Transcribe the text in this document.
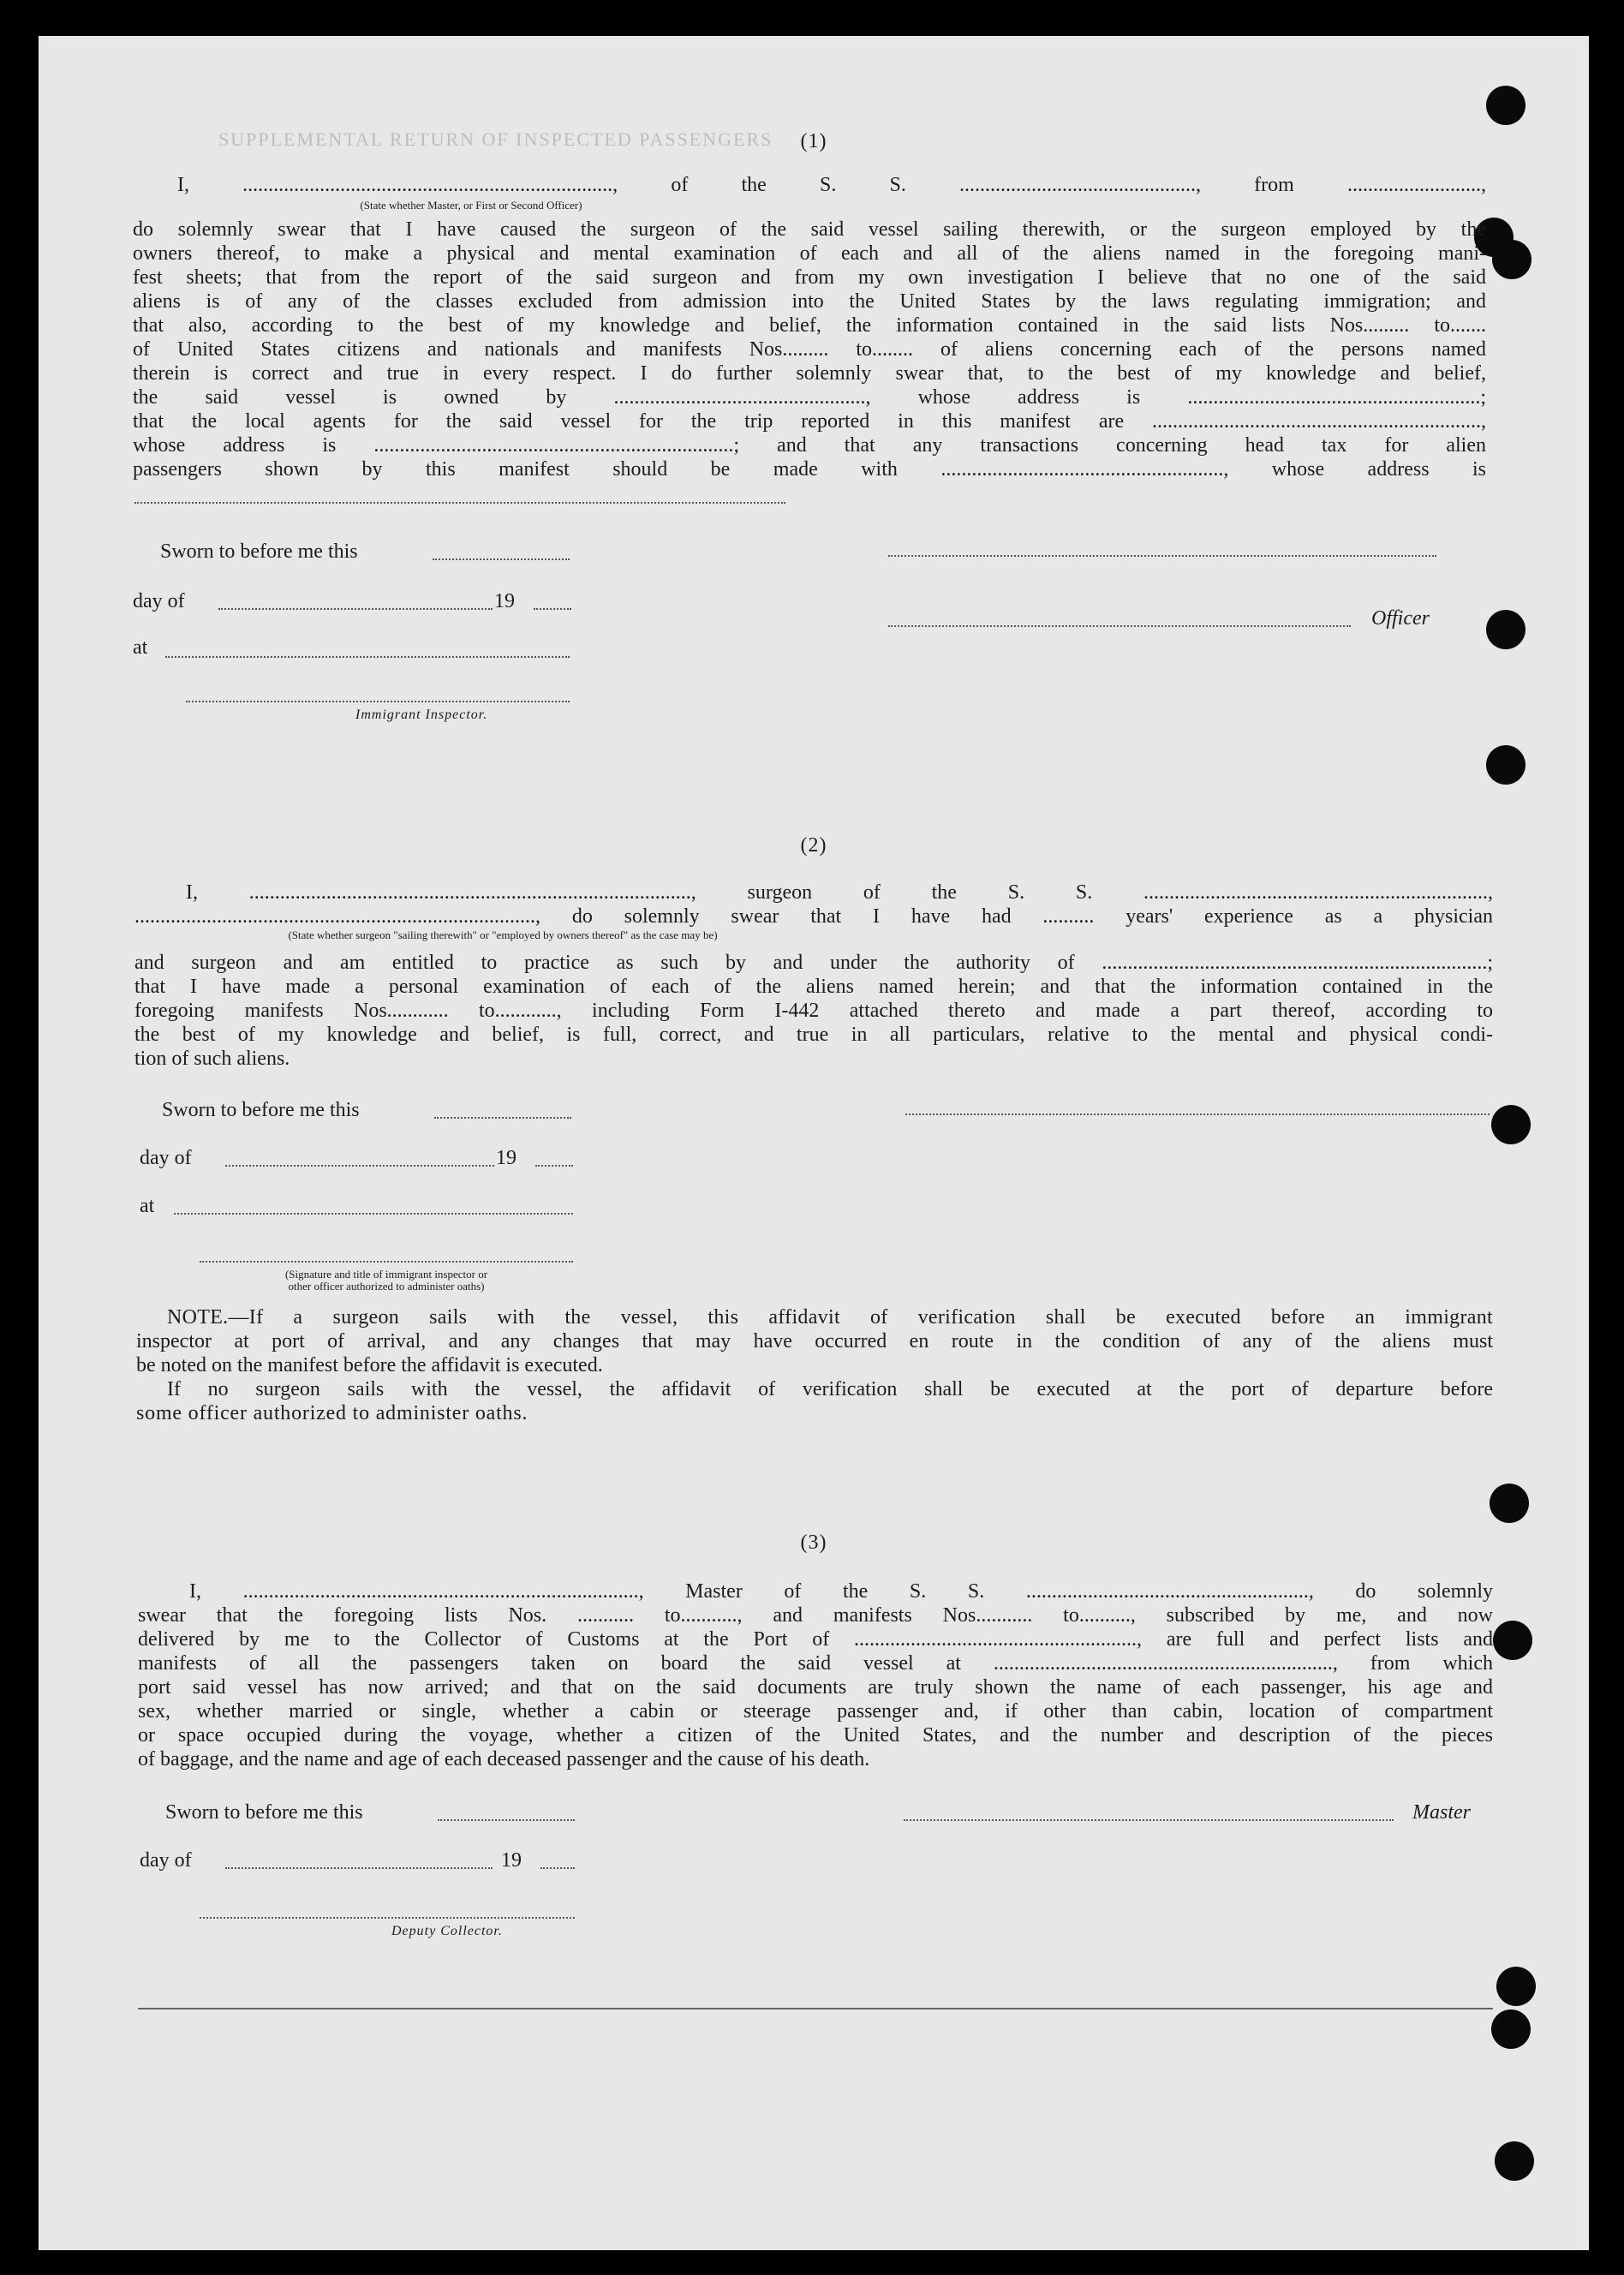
SUPPLEMENTAL RETURN OF INSPECTED PASSENGERS	(1)
I, ........................................................................, of the S. S. .............................................., from ..........................,
(State whether Master, or First or Second Officer)
do solemnly swear that I have caused the surgeon of the said vessel sailing therewith, or the surgeon employed by the
owners thereof, to make a physical and mental examination of each and all of the aliens named in the foregoing mani-
fest sheets; that from the report of the said surgeon and from my own investigation I believe that no one of the said
aliens is of any of the classes excluded from admission into the United States by the laws regulating immigration; and
that also, according to the best of my knowledge and belief, the information contained in the said lists Nos......... to.......
of United States citizens and nationals and manifests Nos......... to........ of aliens concerning each of the persons named
therein is correct and true in every respect. I do further solemnly swear that, to the best of my knowledge and belief,
the said vessel is owned by ................................................., whose address is .........................................................;
that the local agents for the said vessel for the trip reported in this manifest are ................................................................,
whose address is ......................................................................; and that any transactions concerning head tax for alien
passengers shown by this manifest should be made with ......................................................., whose address is
Sworn to before me this
day of	19
Officer
at
Immigrant Inspector.
(2)
I, ......................................................................................, surgeon of the S. S. ...................................................................,
.............................................................................., do solemnly swear that I have had .......... years' experience as a physician
(State whether surgeon "sailing therewith" or "employed by owners thereof" as the case may be)
and surgeon and am entitled to practice as such by and under the authority of ...........................................................................;
that I have made a personal examination of each of the aliens named herein; and that the information contained in the
foregoing manifests Nos............ to............, including Form I-442 attached thereto and made a part thereof, according to
the best of my knowledge and belief, is full, correct, and true in all particulars, relative to the mental and physical condi-
tion of such aliens.
Sworn to before me this
day of	19
at
(Signature and title of immigrant inspector or
other officer authorized to administer oaths)
NOTE.—If a surgeon sails with the vessel, this affidavit of verification shall be executed before an immigrant
inspector at port of arrival, and any changes that may have occurred en route in the condition of any of the aliens must
be noted on the manifest before the affidavit is executed.
If no surgeon sails with the vessel, the affidavit of verification shall be executed at the port of departure before
some officer authorized to administer oaths.
(3)
I, ............................................................................., Master of the S. S. ......................................................., do solemnly
swear that the foregoing lists Nos. ........... to..........., and manifests Nos........... to.........., subscribed by me, and now
delivered by me to the Collector of Customs at the Port of ......................................................., are full and perfect lists and
manifests of all the passengers taken on board the said vessel at .................................................................., from which
port said vessel has now arrived; and that on the said documents are truly shown the name of each passenger, his age and
sex, whether married or single, whether a cabin or steerage passenger and, if other than cabin, location of compartment
or space occupied during the voyage, whether a citizen of the United States, and the number and description of the pieces
of baggage, and the name and age of each deceased passenger and the cause of his death.
Sworn to before me this	Master
day of	19
Deputy Collector.
